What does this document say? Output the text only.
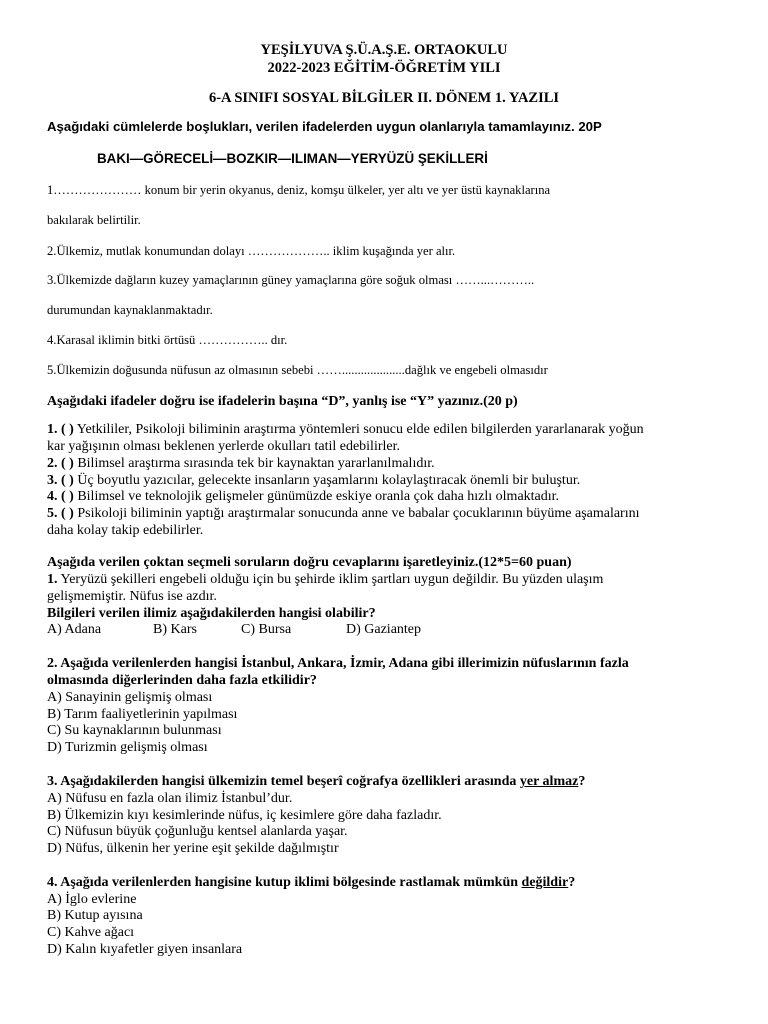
YEŞİLYUVA Ş.Ü.A.Ş.E. ORTAOKULU
2022-2023 EĞİTİM-ÖĞRETİM YILI
6-A SINIFI SOSYAL BİLGİLER II. DÖNEM 1. YAZILI
Aşağıdaki cümlelerde boşlukları, verilen ifadelerden uygun olanlarıyla tamamlayınız. 20P
BAKI—GÖRECELİ—BOZKIR—ILIMAN—YERYÜZÜ ŞEKİLLERİ
1………………… konum bir yerin okyanus, deniz, komşu ülkeler, yer altı ve yer üstü kaynaklarına
bakılarak belirtilir.
2.Ülkemiz, mutlak konumundan dolayı ……………….. iklim kuşağında yer alır.
3.Ülkemizde dağların kuzey yamaçlarının güney yamaçlarına göre soğuk olması ……...………..
durumundan kaynaklanmaktadır.
4.Karasal iklimin bitki örtüsü …………….. dır.
5.Ülkemizin doğusunda nüfusun az olmasının sebebi ……....................dağlık ve engebeli olmasıdır
Aşağıdaki ifadeler doğru ise ifadelerin başına “D”, yanlış ise “Y” yazınız.(20 p)
1. ( ) Yetkililer, Psikoloji biliminin araştırma yöntemleri sonucu elde edilen bilgilerden yararlanarak yoğun
kar yağışının olması beklenen yerlerde okulları tatil edebilirler.
2. ( ) Bilimsel araştırma sırasında tek bir kaynaktan yararlanılmalıdır.
3. ( ) Üç boyutlu yazıcılar, gelecekte insanların yaşamlarını kolaylaştıracak önemli bir buluştur.
4. ( ) Bilimsel ve teknolojik gelişmeler günümüzde eskiye oranla çok daha hızlı olmaktadır.
5. ( ) Psikoloji biliminin yaptığı araştırmalar sonucunda anne ve babalar çocuklarının büyüme aşamalarını
daha kolay takip edebilirler.
Aşağıda verilen çoktan seçmeli soruların doğru cevaplarını işaretleyiniz.(12*5=60 puan)
1. Yeryüzü şekilleri engebeli olduğu için bu şehirde iklim şartları uygun değildir. Bu yüzden ulaşım
gelişmemiştir. Nüfus ise azdır.
Bilgileri verilen ilimiz aşağıdakilerden hangisi olabilir?
A) Adana	B) Kars	C) Bursa	D) Gaziantep
2. Aşağıda verilenlerden hangisi İstanbul, Ankara, İzmir, Adana gibi illerimizin nüfuslarının fazla
olmasında diğerlerinden daha fazla etkilidir?
A) Sanayinin gelişmiş olması
B) Tarım faaliyetlerinin yapılması
C) Su kaynaklarının bulunması
D) Turizmin gelişmiş olması
3. Aşağıdakilerden hangisi ülkemizin temel beşerî coğrafya özellikleri arasında yer almaz?
A) Nüfusu en fazla olan ilimiz İstanbul’dur.
B) Ülkemizin kıyı kesimlerinde nüfus, iç kesimlere göre daha fazladır.
C) Nüfusun büyük çoğunluğu kentsel alanlarda yaşar.
D) Nüfus, ülkenin her yerine eşit şekilde dağılmıştır
4. Aşağıda verilenlerden hangisine kutup iklimi bölgesinde rastlamak mümkün değildir?
A) İglo evlerine
B) Kutup ayısına
C) Kahve ağacı
D) Kalın kıyafetler giyen insanlara
